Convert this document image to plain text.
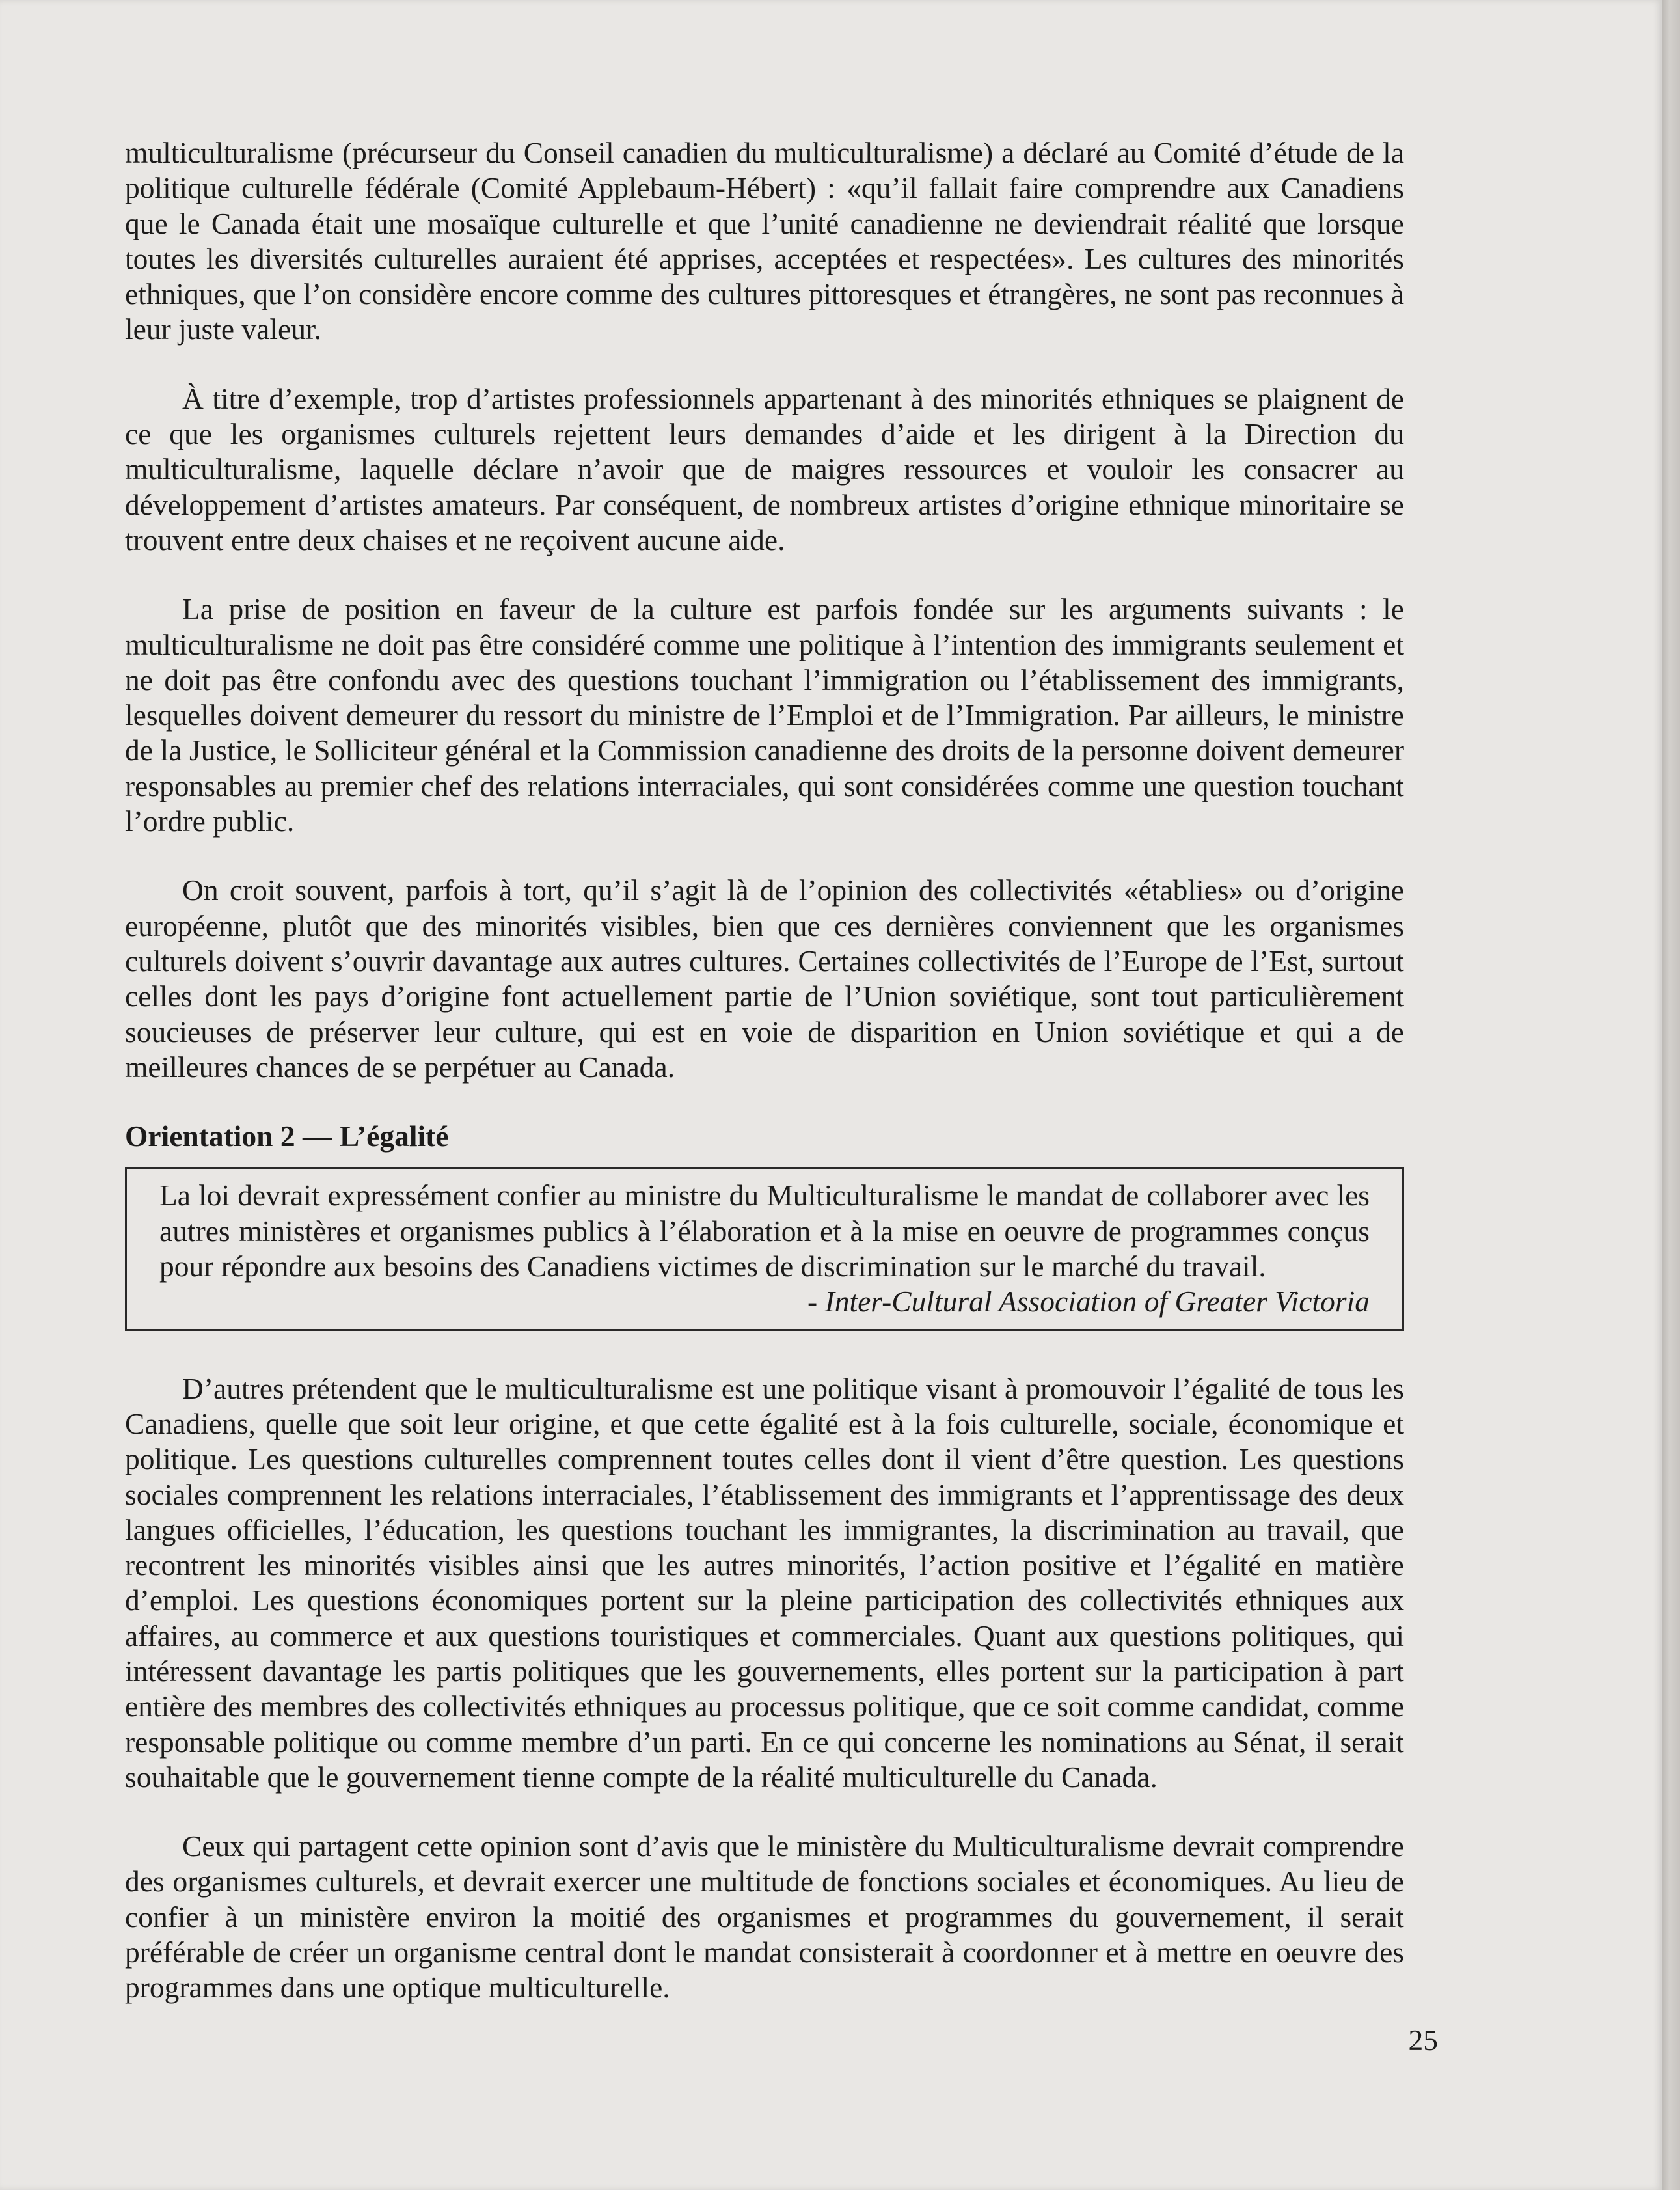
multiculturalisme (précurseur du Conseil canadien du multiculturalisme) a déclaré au Comité d’étude de la politique culturelle fédérale (Comité Applebaum-Hébert) : «qu’il fallait faire comprendre aux Canadiens que le Canada était une mosaïque culturelle et que l’unité canadienne ne deviendrait réalité que lorsque toutes les diversités culturelles auraient été apprises, acceptées et respectées». Les cultures des minorités ethniques, que l’on considère encore comme des cultures pittoresques et étrangères, ne sont pas reconnues à leur juste valeur.

À titre d’exemple, trop d’artistes professionnels appartenant à des minorités ethniques se plaignent de ce que les organismes culturels rejettent leurs demandes d’aide et les dirigent à la Direction du multiculturalisme, laquelle déclare n’avoir que de maigres ressources et vouloir les consacrer au développement d’artistes amateurs. Par conséquent, de nombreux artistes d’origine ethnique minoritaire se trouvent entre deux chaises et ne reçoivent aucune aide.

La prise de position en faveur de la culture est parfois fondée sur les arguments suivants : le multiculturalisme ne doit pas être considéré comme une politique à l’intention des immigrants seulement et ne doit pas être confondu avec des questions touchant l’immigration ou l’établissement des immigrants, lesquelles doivent demeurer du ressort du ministre de l’Emploi et de l’Immigration. Par ailleurs, le ministre de la Justice, le Solliciteur général et la Commission canadienne des droits de la personne doivent demeurer responsables au premier chef des relations interraciales, qui sont considérées comme une question touchant l’ordre public.

On croit souvent, parfois à tort, qu’il s’agit là de l’opinion des collectivités «établies» ou d’origine européenne, plutôt que des minorités visibles, bien que ces dernières conviennent que les organismes culturels doivent s’ouvrir davantage aux autres cultures. Certaines collectivités de l’Europe de l’Est, surtout celles dont les pays d’origine font actuellement partie de l’Union soviétique, sont tout particulièrement soucieuses de préserver leur culture, qui est en voie de disparition en Union soviétique et qui a de meilleures chances de se perpétuer au Canada.

Orientation 2 — L’égalité

La loi devrait expressément confier au ministre du Multiculturalisme le mandat de collaborer avec les autres ministères et organismes publics à l’élaboration et à la mise en oeuvre de programmes conçus pour répondre aux besoins des Canadiens victimes de discrimination sur le marché du travail.

- Inter-Cultural Association of Greater Victoria

D’autres prétendent que le multiculturalisme est une politique visant à promouvoir l’égalité de tous les Canadiens, quelle que soit leur origine, et que cette égalité est à la fois culturelle, sociale, économique et politique. Les questions culturelles comprennent toutes celles dont il vient d’être question. Les questions sociales comprennent les relations interraciales, l’établissement des immigrants et l’apprentissage des deux langues officielles, l’éducation, les questions touchant les immigrantes, la discrimination au travail, que recontrent les minorités visibles ainsi que les autres minorités, l’action positive et l’égalité en matière d’emploi. Les questions économiques portent sur la pleine participation des collectivités ethniques aux affaires, au commerce et aux questions touristiques et commerciales. Quant aux questions politiques, qui intéressent davantage les partis politiques que les gouvernements, elles portent sur la participation à part entière des membres des collectivités ethniques au processus politique, que ce soit comme candidat, comme responsable politique ou comme membre d’un parti. En ce qui concerne les nominations au Sénat, il serait souhaitable que le gouvernement tienne compte de la réalité multiculturelle du Canada.

Ceux qui partagent cette opinion sont d’avis que le ministère du Multiculturalisme devrait comprendre des organismes culturels, et devrait exercer une multitude de fonctions sociales et économiques. Au lieu de confier à un ministère environ la moitié des organismes et programmes du gouvernement, il serait préférable de créer un organisme central dont le mandat consisterait à coordonner et à mettre en oeuvre des programmes dans une optique multiculturelle.

25
